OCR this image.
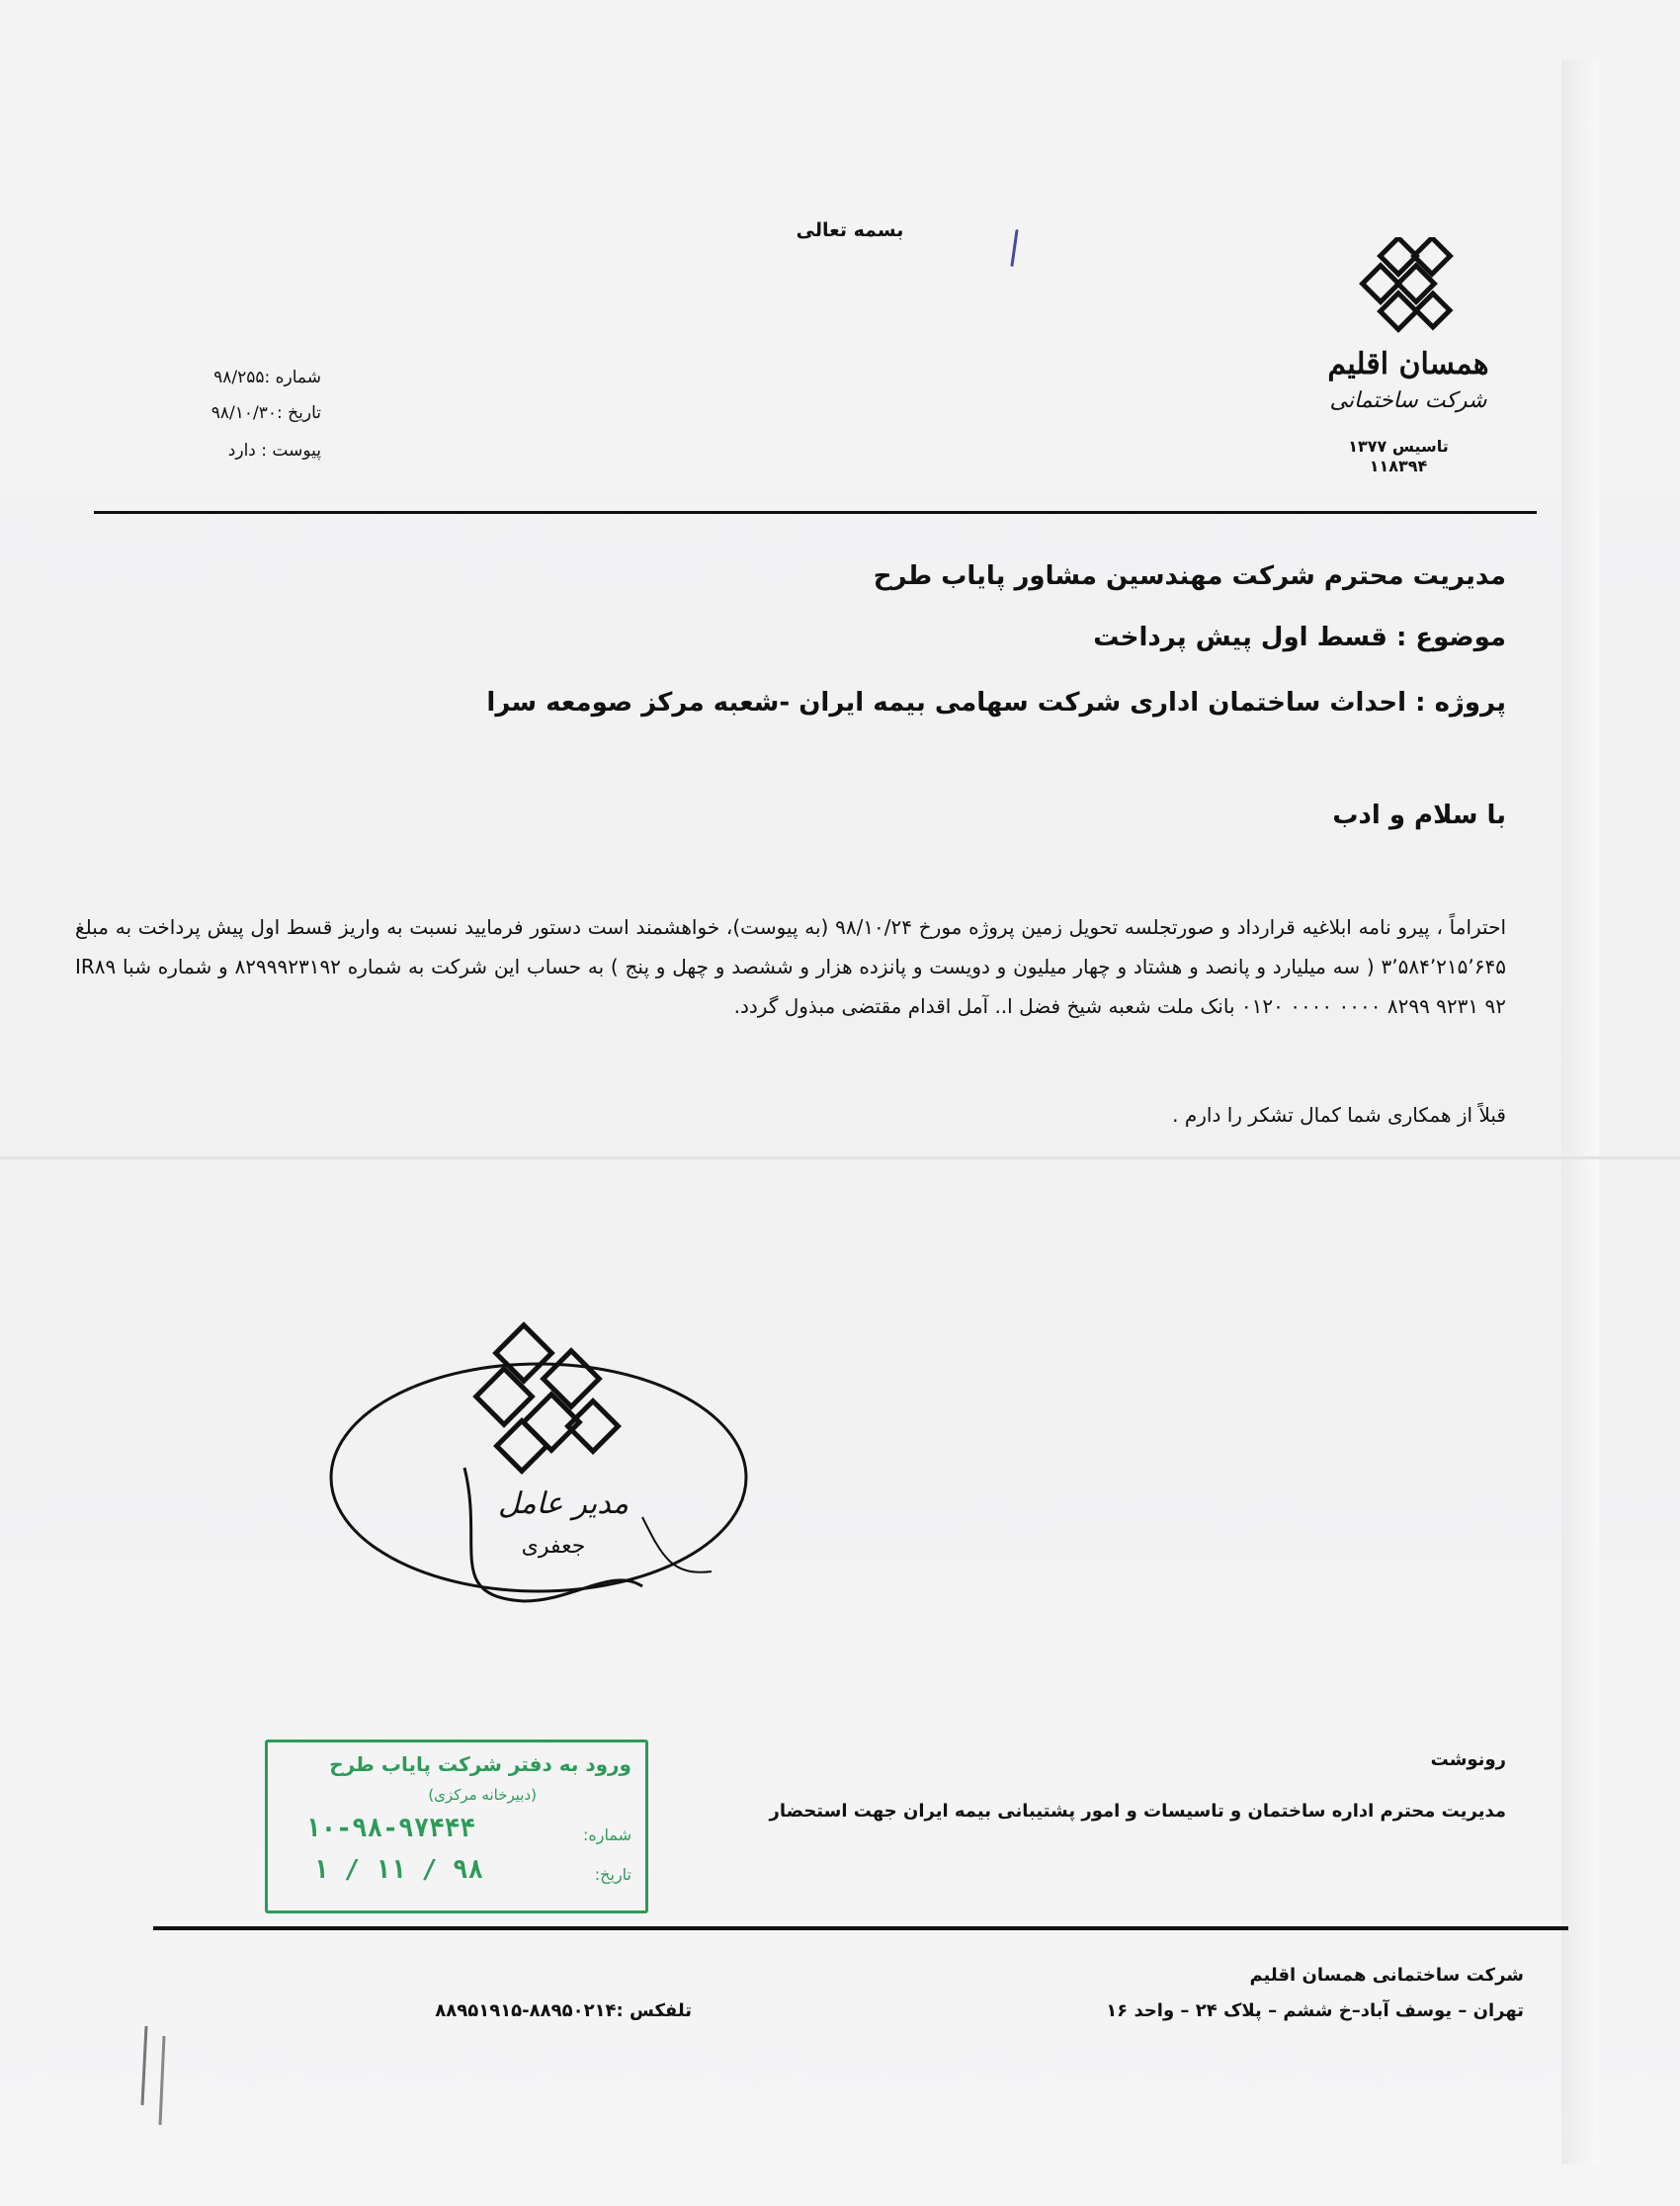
بسمه تعالی
همسان اقلیم
شرکت ساختمانی
تاسیس ۱۳۷۷
۱۱۸۳۹۴
شماره :۹۸/۲۵۵
تاریخ :۹۸/۱۰/۳۰
پیوست : دارد
مدیریت محترم شرکت مهندسین مشاور پایاب طرح
موضوع : قسط اول پیش پرداخت
پروژه : احداث ساختمان اداری شرکت سهامی بیمه ایران -شعبه مرکز صومعه سرا
با سلام و ادب
احتراماً ، پیرو نامه ابلاغیه قرارداد و صورتجلسه تحویل زمین پروژه مورخ ۹۸/۱۰/۲۴ (به پیوست)، خواهشمند است دستور فرمایید نسبت به واریز قسط اول پیش پرداخت به مبلغ ۳٬۵۸۴٬۲۱۵٬۶۴۵ ( سه میلیارد و پانصد و هشتاد و چهار میلیون و دویست و پانزده هزار و ششصد و چهل و پنج ) به حساب این شرکت به شماره ۸۲۹۹۹۲۳۱۹۲ و شماره شبا IR۸۹ ۰۱۲۰ ۰۰۰۰ ۰۰۰۰ ۸۲۹۹ ۹۲۳۱ ۹۲ بانک ملت شعبه شیخ فضل ا.. آمل اقدام مقتضی مبذول گردد.
قبلاً از همکاری شما کمال تشکر را دارم .
مدیر عامل
جعفری
ورود به دفتر شرکت پایاب طرح
(دبیرخانه مرکزی)
شماره:
تاریخ:
۱۰-۹۸-۹۷۴۴۴
۹۸ / ۱۱ / ۱
رونوشت
مدیریت محترم اداره ساختمان و تاسیسات و امور پشتیبانی بیمه ایران جهت استحضار
شرکت ساختمانی همسان اقلیم
تهران – یوسف آباد–خ ششم – پلاک ۲۴ – واحد ۱۶
تلفکس :۸۸۹۵۰۲۱۴-۸۸۹۵۱۹۱۵
